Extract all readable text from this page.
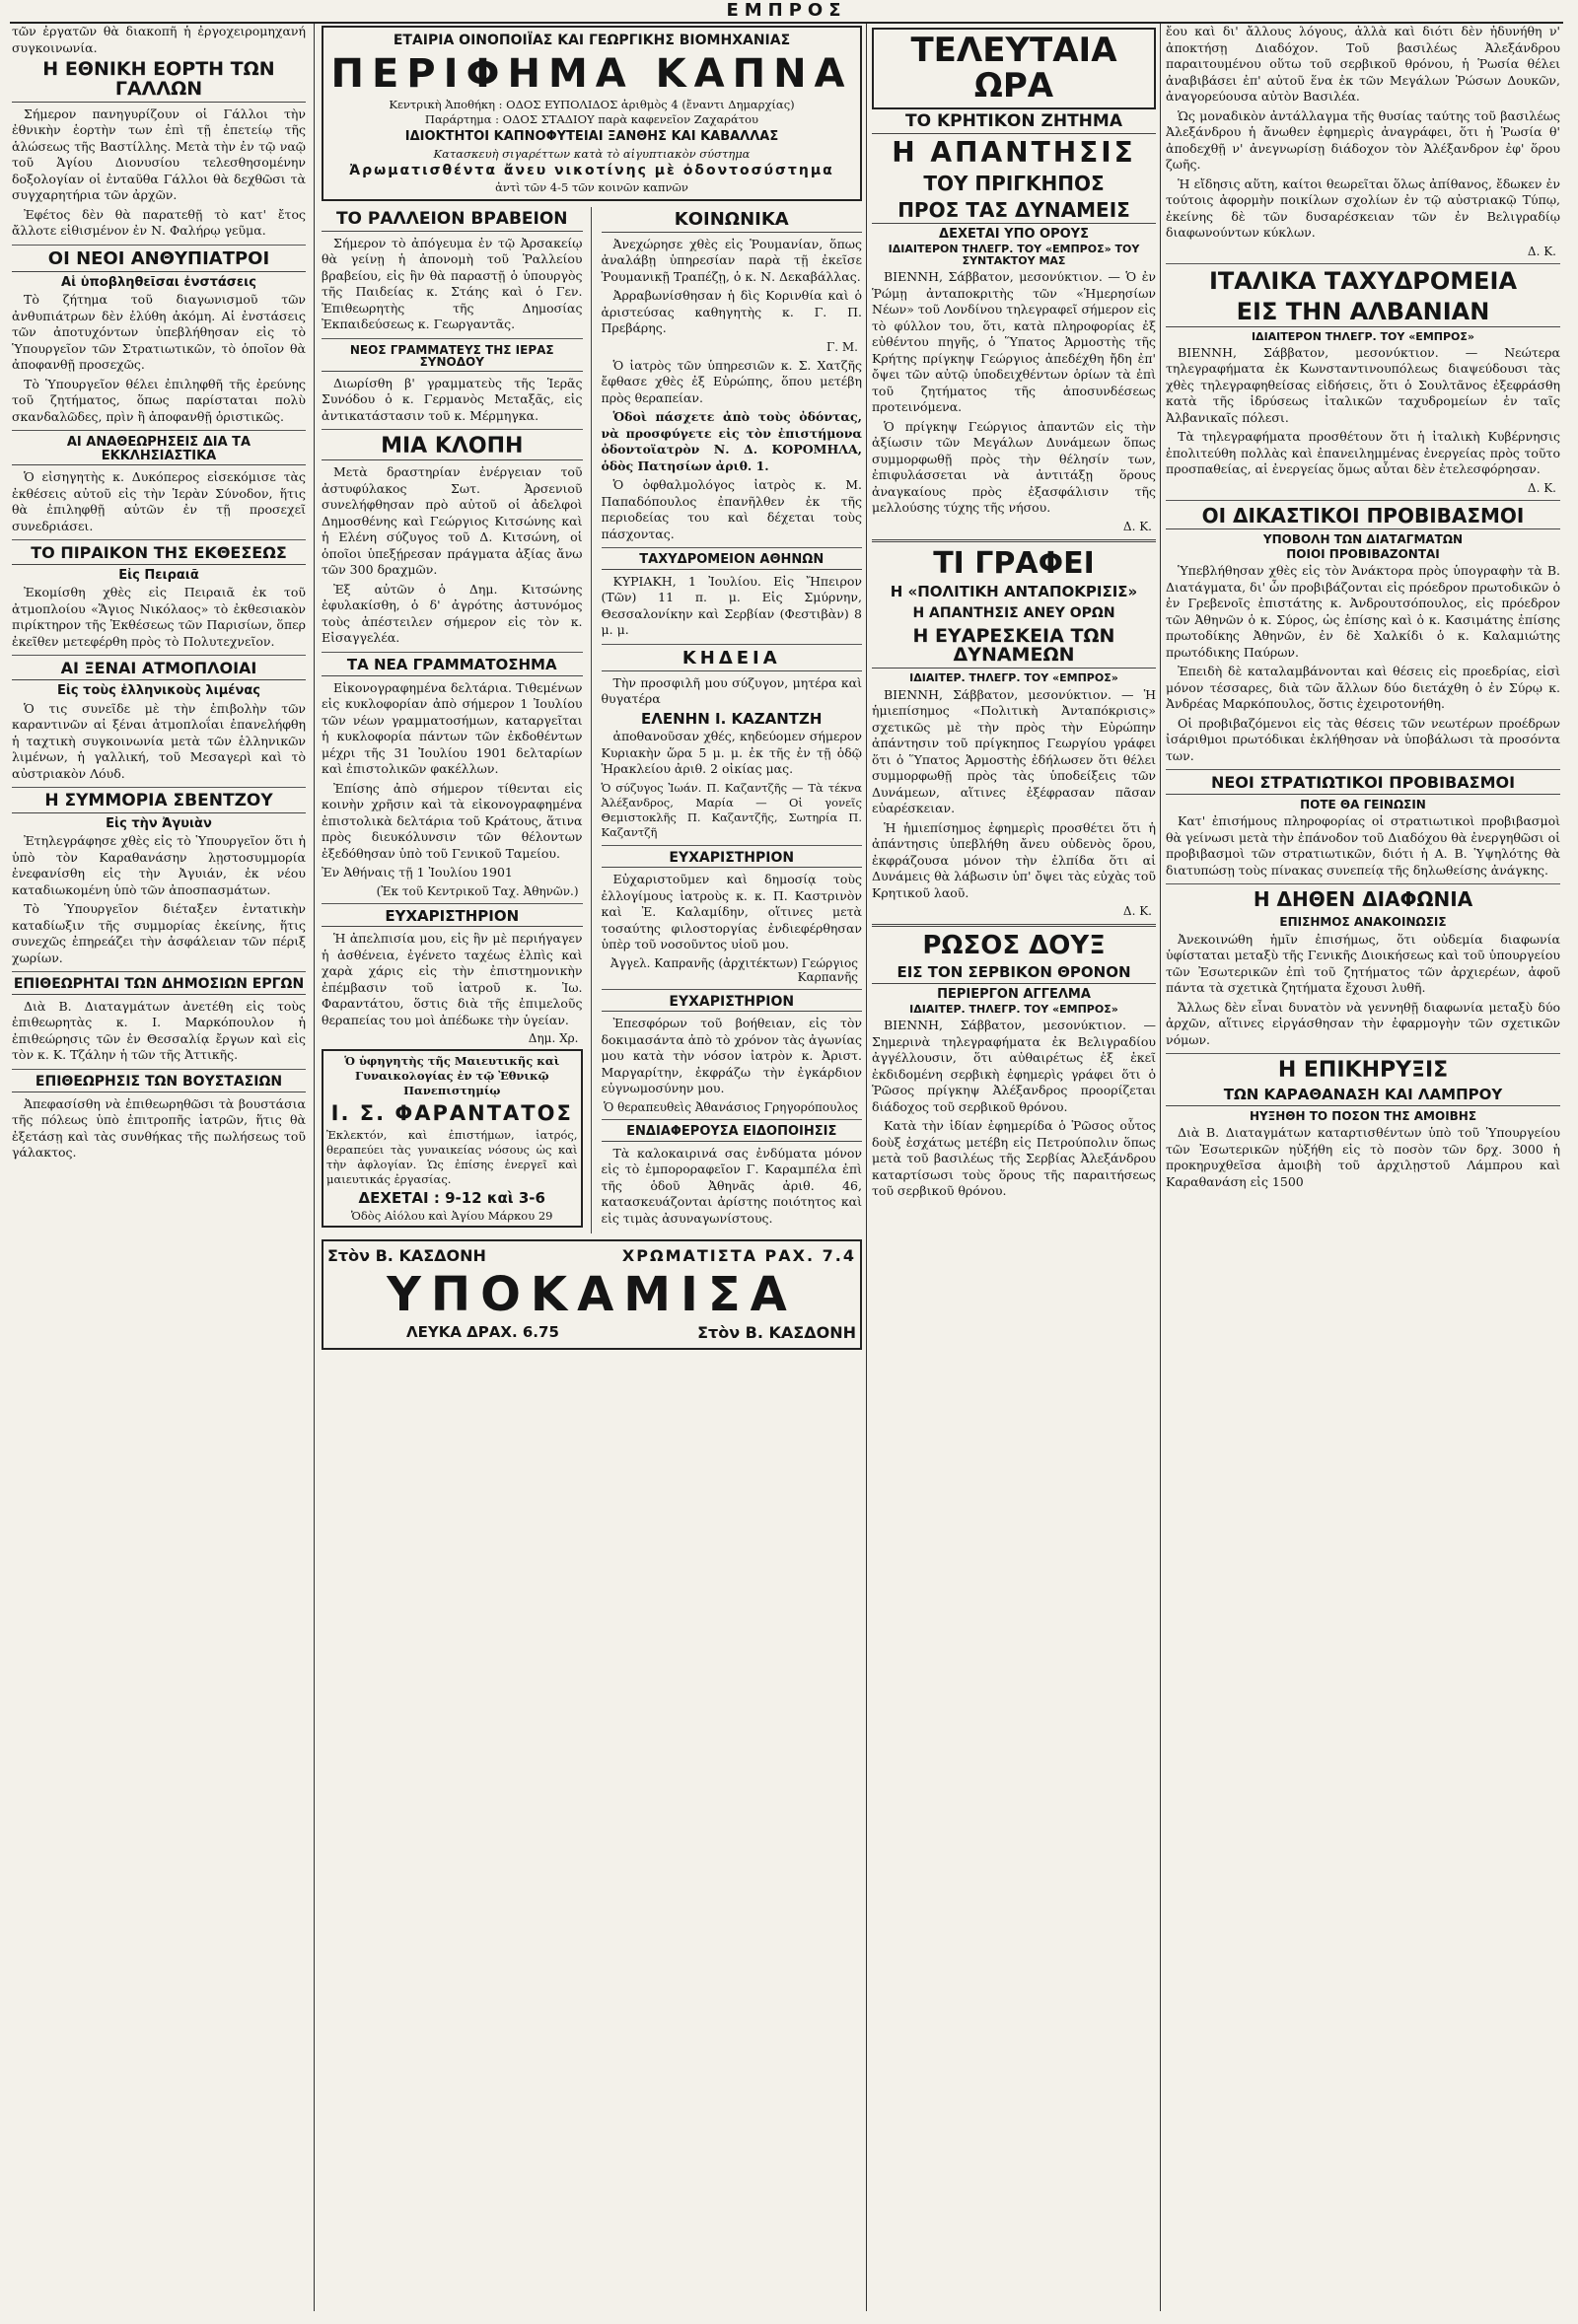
ΕΜΠΡΟΣ

τῶν ἐργατῶν θὰ διακοπῆ ἡ ἐργοχειρομηχανή συγκοινωνία.

Η ΕΘΝΙΚΗ ΕΟΡΤΗ ΤΩΝ ΓΑΛΛΩΝ

Σήμερον πανηγυρίζουν οἱ Γάλλοι τὴν ἐθνικὴν ἑορτὴν των ἐπὶ τῇ ἐπετείῳ τῆς ἁλώσεως τῆς Βαστίλλης. Μετὰ τὴν ἐν τῷ ναῷ τοῦ Ἁγίου Διονυσίου τελεσθησομένην δοξολογίαν οἱ ἐνταῦθα Γάλλοι θὰ δεχθῶσι τὰ συγχαρητήρια τῶν ἀρχῶν.

Ἐφέτος δὲν θὰ παρατεθῇ τὸ κατ' ἔτος ἄλλοτε εἰθισμένον ἐν Ν. Φαλήρῳ γεῦμα.

ΟΙ ΝΕΟΙ ΑΝΘΥΠΙΑΤΡΟΙ
Αἱ ὑποβληθεῖσαι ἐνστάσεις

Τὸ ζήτημα τοῦ διαγωνισμοῦ τῶν ἀνθυπιάτρων δὲν ἐλύθη ἀκόμη. Αἱ ἐνστάσεις τῶν ἀποτυχόντων ὑπεβλήθησαν εἰς τὸ Ὑπουργεῖον τῶν Στρατιωτικῶν, τὸ ὁποῖον θὰ ἀποφανθῇ προσεχῶς.

Τὸ Ὑπουργεῖον θέλει ἐπιληφθῆ τῆς ἐρεύνης τοῦ ζητήματος, ὅπως παρίσταται πολὺ σκανδαλῶδες, πρὶν ἢ ἀποφανθῇ ὁριστικῶς.

ΑΙ ΑΝΑΘΕΩΡΗΣΕΙΣ ΔΙΑ ΤΑ ΕΚΚΛΗΣΙΑΣΤΙΚΑ

Ὁ εἰσηγητὴς κ. Δυκόπερος εἰσεκόμισε τὰς ἐκθέσεις αὐτοῦ εἰς τὴν Ἱερὰν Σύνοδον, ἥτις θὰ ἐπιληφθῇ αὐτῶν ἐν τῇ προσεχεῖ συνεδριάσει.

ΤΟ ΠΙΡΑΙΚΟΝ ΤΗΣ ΕΚΘΕΣΕΩΣ
Εἰς Πειραιᾶ

Ἐκομίσθη χθὲς εἰς Πειραιᾶ ἐκ τοῦ ἀτμοπλοίου «Ἅγιος Νικόλαος» τὸ ἐκθεσιακὸν πιρίκτηρον τῆς Ἐκθέσεως τῶν Παρισίων, ὅπερ ἐκεῖθεν μετεφέρθη πρὸς τὸ Πολυτεχνεῖον.

ΑΙ ΞΕΝΑΙ ΑΤΜΟΠΛΟΙΑΙ
Εἰς τοὺς ἑλληνικοὺς λιμένας

Ὁ τις συνεῖδε μὲ τὴν ἐπιβολὴν τῶν καραντινῶν αἱ ξέναι ἀτμοπλοΐαι ἐπανελήφθη ἡ ταχτικὴ συγκοινωνία μετὰ τῶν ἑλληνικῶν λιμένων, ἡ γαλλική, τοῦ Μεσαγερὶ καὶ τὸ αὐστριακὸν Λόυδ.

Η ΣΥΜΜΟΡΙΑ ΣΒΕΝΤΖΟΥ
Εἰς τὴν Ἀγυιὰν

Ἐτηλεγράφησε χθὲς εἰς τὸ Ὑπουργεῖον ὅτι ἡ ὑπὸ τὸν Καραθανάσην λῃστοσυμμορία ἐνεφανίσθη εἰς τὴν Ἀγυιάν, ἐκ νέου καταδιωκομένη ὑπὸ τῶν ἀποσπασμάτων.

Τὸ Ὑπουργεῖον διέταξεν ἐντατικὴν καταδίωξιν τῆς συμμορίας ἐκείνης, ἥτις συνεχῶς ἐπηρεάζει τὴν ἀσφάλειαν τῶν πέριξ χωρίων.

ΕΠΙΘΕΩΡΗΤΑΙ ΤΩΝ ΔΗΜΟΣΙΩΝ ΕΡΓΩΝ

Διὰ Β. Διαταγμάτων ἀνετέθη εἰς τοὺς ἐπιθεωρητὰς κ. Ι. Μαρκόπουλον ἡ ἐπιθεώρησις τῶν ἐν Θεσσαλίᾳ ἔργων καὶ εἰς τὸν κ. Κ. Τζάλην ἡ τῶν τῆς Ἀττικῆς.

ΕΠΙΘΕΩΡΗΣΙΣ ΤΩΝ ΒΟΥΣΤΑΣΙΩΝ

Ἀπεφασίσθη νὰ ἐπιθεωρηθῶσι τὰ βουστάσια τῆς πόλεως ὑπὸ ἐπιτροπῆς ἰατρῶν, ἥτις θὰ ἐξετάσῃ καὶ τὰς συνθήκας τῆς πωλήσεως τοῦ γάλακτος.

ΕΤΑΙΡΙΑ ΟΙΝΟΠΟΙΪΑΣ ΚΑΙ ΓΕΩΡΓΙΚΗΣ ΒΙΟΜΗΧΑΝΙΑΣ
ΠΕΡΙΦΗΜΑ ΚΑΠΝΑ
Κεντρικὴ Ἀποθήκη : ΟΔΟΣ ΕΥΠΟΛΙΔΟΣ ἀριθμὸς 4 (ἔναντι Δημαρχίας)
Παράρτημα : ΟΔΟΣ ΣΤΑΔΙΟΥ παρὰ καφενεῖον Ζαχαράτου
ΙΔΙΟΚΤΗΤΟΙ ΚΑΠΝΟΦΥΤΕΙΑΙ ΞΑΝΘΗΣ ΚΑΙ ΚΑΒΑΛΛΑΣ
Κατασκευὴ σιγαρέττων κατὰ τὸ αἰγυπτιακὸν σύστημα
Ἀρωματισθέντα ἄνευ νικοτίνης μὲ ὀδοντοσύστημα
ἀντὶ τῶν 4-5 τῶν κοινῶν καπνῶν
ΤΟ ΡΑΛΛΕΙΟΝ ΒΡΑΒΕΙΟΝ

Σήμερον τὸ ἀπόγευμα ἐν τῷ Ἀρσακείῳ θὰ γείνῃ ἡ ἀπονομὴ τοῦ Ῥαλλείου βραβείου, εἰς ἣν θὰ παραστῇ ὁ ὑπουργὸς τῆς Παιδείας κ. Στάης καὶ ὁ Γεν. Ἐπιθεωρητὴς τῆς Δημοσίας Ἐκπαιδεύσεως κ. Γεωργαντᾶς.

ΝΕΟΣ ΓΡΑΜΜΑΤΕΥΣ ΤΗΣ ΙΕΡΑΣ ΣΥΝΟΔΟΥ

Διωρίσθη β' γραμματεὺς τῆς Ἱερᾶς Συνόδου ὁ κ. Γερμανὸς Μεταξᾶς, εἰς ἀντικατάστασιν τοῦ κ. Μέρμηγκα.

ΜΙΑ ΚΛΟΠΗ

Μετὰ δραστηρίαν ἐνέργειαν τοῦ ἀστυφύλακος Σωτ. Ἀρσενιοῦ συνελήφθησαν πρὸ αὐτοῦ οἱ ἀδελφοὶ Δημοσθένης καὶ Γεώργιος Κιτσώνης καὶ ἡ Ελένη σύζυγος τοῦ Δ. Κιτσώνη, οἱ ὁποῖοι ὑπεξῄρεσαν πράγματα ἀξίας ἄνω τῶν 300 δραχμῶν.

Ἐξ αὐτῶν ὁ Δημ. Κιτσώνης ἐφυλακίσθη, ὁ δ' ἀγρότης ἀστυνόμος τοὺς ἀπέστειλεν σήμερον εἰς τὸν κ. Εἰσαγγελέα.

ΤΑ ΝΕΑ ΓΡΑΜΜΑΤΟΣΗΜΑ

Εἰκονογραφημένα δελτάρια. Τιθεμένων εἰς κυκλοφορίαν ἀπὸ σήμερον 1 Ἰουλίου τῶν νέων γραμματοσήμων, καταργεῖται ἡ κυκλοφορία πάντων τῶν ἐκδοθέντων μέχρι τῆς 31 Ἰουλίου 1901 δελταρίων καὶ ἐπιστολικῶν φακέλλων.

Ἐπίσης ἀπὸ σήμερον τίθενται εἰς κοινὴν χρῆσιν καὶ τὰ εἰκονογραφημένα ἐπιστολικὰ δελτάρια τοῦ Κράτους, ἅτινα πρὸς διευκόλυνσιν τῶν θέλοντων ἐξεδόθησαν ὑπὸ τοῦ Γενικοῦ Ταμείου.

Ἐν Ἀθήναις τῇ 1 Ἰουλίου 1901

(Ἐκ τοῦ Κεντρικοῦ Ταχ. Ἀθηνῶν.)

ΕΥΧΑΡΙΣΤΗΡΙΟΝ

Ἡ ἀπελπισία μου, εἰς ἣν μὲ περιήγαγεν ἡ ἀσθένεια, ἐγένετο ταχέως ἐλπὶς καὶ χαρὰ χάρις εἰς τὴν ἐπιστημονικὴν ἐπέμβασιν τοῦ ἰατροῦ κ. Ἰω. Φαραντάτου, ὅστις διὰ τῆς ἐπιμελοῦς θεραπείας του μοὶ ἀπέδωκε τὴν ὑγείαν.

Δημ. Χρ.

Ὁ ὑφηγητὴς τῆς Μαιευτικῆς καὶ Γυναικολογίας ἐν τῷ Ἐθνικῷ Πανεπιστημίῳ
Ι. Σ. ΦΑΡΑΝΤΑΤΟΣ
Ἐκλεκτόν, καὶ ἐπιστήμων, ἰατρός, θεραπεύει τὰς γυναικείας νόσους ὡς καὶ τὴν ἀφλογίαν. Ὡς ἐπίσης ἐνεργεῖ καὶ μαιευτικάς ἐργασίας.
ΔΕΧΕΤΑΙ : 9-12 καὶ 3-6
Ὁδὸς Αἰόλου καὶ Ἀγίου Μάρκου 29
ΚΟΙΝΩΝΙΚΑ

Ἀνεχώρησε χθὲς εἰς Ῥουμανίαν, ὅπως ἀναλάβῃ ὑπηρεσίαν παρὰ τῇ ἐκεῖσε Ῥουμανικῇ Τραπέζῃ, ὁ κ. Ν. Δεκαβάλλας.

Ἀρραβωνίσθησαν ἡ δὶς Κορινθία καὶ ὁ ἀριστεύσας καθηγητὴς κ. Γ. Π. Πρεβάρης.

Γ. Μ.

Ὁ ἰατρὸς τῶν ὑπηρεσιῶν κ. Σ. Χατζῆς ἔφθασε χθὲς ἐξ Εὐρώπης, ὅπου μετέβη πρὸς θεραπείαν.

Ὁδοὶ πάσχετε ἀπὸ τοὺς ὀδόντας, νὰ προσφύγετε εἰς τὸν ἐπιστήμονα ὀδοντοϊατρὸν Ν. Δ. ΚΟΡΟΜΗΛΑ, ὁδὸς Πατησίων ἀριθ. 1.

Ὁ ὀφθαλμολόγος ἰατρὸς κ. Μ. Παπαδόπουλος ἐπανῆλθεν ἐκ τῆς περιοδείας του καὶ δέχεται τοὺς πάσχοντας.

ΤΑΧΥΔΡΟΜΕΙΟΝ ΑΘΗΝΩΝ

ΚΥΡΙΑΚΗ, 1 Ἰουλίου. Εἰς Ἤπειρον (Τῶν) 11 π. μ. Εἰς Σμύρνην, Θεσσαλονίκην καὶ Σερβίαν (Φεστιβὰν) 8 μ. μ.

ΚΗΔΕΙΑ

Τὴν προσφιλῆ μου σύζυγον, μητέρα καὶ θυγατέρα

ΕΛΕΝΗΝ Ι. ΚΑΖΑΝΤΖΗ

ἀποθανοῦσαν χθές, κηδεύομεν σήμερον Κυριακὴν ὥρα 5 μ. μ. ἐκ τῆς ἐν τῇ ὁδῷ Ἡρακλείου ἀριθ. 2 οἰκίας μας.

Ὁ σύζυγος Ἰωάν. Π. Καζαντζῆς — Τὰ τέκνα Ἀλέξανδρος, Μαρία — Οἱ γονεῖς Θεμιστοκλῆς Π. Καζαντζῆς, Σωτηρία Π. Καζαντζῆ

ΕΥΧΑΡΙΣΤΗΡΙΟΝ

Εὐχαριστοῦμεν καὶ δημοσίᾳ τοὺς ἐλλογίμους ἰατροὺς κ. κ. Π. Καστρινὸν καὶ Ἐ. Καλαμίδην, οἵτινες μετὰ τοσαύτης φιλοστοργίας ἐνδιεφέρθησαν ὑπὲρ τοῦ νοσοῦντος υἱοῦ μου.

Ἀγγελ. Καπρανῆς (ἀρχιτέκτων) Γεώργιος Καρπανῆς

ΕΥΧΑΡΙΣΤΗΡΙΟΝ

Ἐπεσφόρων τοῦ βοήθειαν, εἰς τὸν δοκιμασάντα ἀπὸ τὸ χρόνον τὰς ἀγωνίας μου κατὰ τὴν νόσον ἰατρὸν κ. Ἀριστ. Μαργαρίτην, ἐκφράζω τὴν ἐγκάρδιον εὐγνωμοσύνην μου.

Ὁ θεραπευθεὶς Ἀθανάσιος Γρηγορόπουλος

ΕΝΔΙΑΦΕΡΟΥΣΑ ΕΙΔΟΠΟΙΗΣΙΣ

Τὰ καλοκαιρινά σας ἐνδύματα μόνον εἰς τὸ ἐμποροραφεῖον Γ. Καραμπέλα ἐπὶ τῆς ὁδοῦ Ἀθηνᾶς ἀριθ. 46, κατασκευάζονται ἀρίστης ποιότητος καὶ εἰς τιμὰς ἀσυναγωνίστους.

Στὸν Β. ΚΑΣΔΟΝΗ	ΧΡΩΜΑΤΙΣΤΑ ΡΑΧ. 7.4
ΥΠΟΚΑΜΙΣΑ
ΛΕΥΚΑ ΔΡΑΧ. 6.75	Στὸν Β. ΚΑΣΔΟΝΗ
ΤΕΛΕΥΤΑΙΑ ΩΡΑ
ΤΟ ΚΡΗΤΙΚΟΝ ΖΗΤΗΜΑ
Η ΑΠΑΝΤΗΣΙΣ
ΤΟΥ ΠΡΙΓΚΗΠΟΣ
ΠΡΟΣ ΤΑΣ ΔΥΝΑΜΕΙΣ
ΔΕΧΕΤΑΙ ΥΠΟ ΟΡΟΥΣ
ΙΔΙΑΙΤΕΡΟΝ ΤΗΛΕΓΡ. ΤΟΥ «ΕΜΠΡΟΣ» ΤΟΥ ΣΥΝΤΑΚΤΟΥ ΜΑΣ

ΒΙΕΝΝΗ, Σάββατον, μεσονύκτιον. — Ὁ ἐν Ῥώμῃ ἀνταποκριτὴς τῶν «Ἡμερησίων Νέων» τοῦ Λονδίνου τηλεγραφεῖ σήμερον εἰς τὸ φύλλον του, ὅτι, κατὰ πληροφορίας ἐξ εὐθέντου πηγῆς, ὁ Ὕπατος Ἁρμοστὴς τῆς Κρήτης πρίγκηψ Γεώργιος ἀπεδέχθη ἤδη ἐπ' ὄψει τῶν αὐτῷ ὑποδειχθέντων ὁρίων τὰ ἐπὶ τοῦ ζητήματος τῆς ἀποσυνδέσεως προτεινόμενα.

Ὁ πρίγκηψ Γεώργιος ἀπαντῶν εἰς τὴν ἀξίωσιν τῶν Μεγάλων Δυνάμεων ὅπως συμμορφωθῇ πρὸς τὴν θέλησίν των, ἐπιφυλάσσεται νὰ ἀντιτάξῃ ὅρους ἀναγκαίους πρὸς ἐξασφάλισιν τῆς μελλούσης τύχης τῆς νήσου.

Δ. Κ.

ΤΙ ΓΡΑΦΕΙ
Η «ΠΟΛΙΤΙΚΗ ΑΝΤΑΠΟΚΡΙΣΙΣ»
Η ΑΠΑΝΤΗΣΙΣ ΑΝΕΥ ΟΡΩΝ
Η ΕΥΑΡΕΣΚΕΙΑ ΤΩΝ ΔΥΝΑΜΕΩΝ
ΙΔΙΑΙΤΕΡ. ΤΗΛΕΓΡ. ΤΟΥ «ΕΜΠΡΟΣ»

ΒΙΕΝΝΗ, Σάββατον, μεσονύκτιον. — Ἡ ἡμιεπίσημος «Πολιτικὴ Ἀνταπόκρισις» σχετικῶς μὲ τὴν πρὸς τὴν Εὐρώπην ἀπάντησιν τοῦ πρίγκηπος Γεωργίου γράφει ὅτι ὁ Ὕπατος Ἁρμοστὴς ἐδήλωσεν ὅτι θέλει συμμορφωθῇ πρὸς τὰς ὑποδείξεις τῶν Δυνάμεων, αἵτινες ἐξέφρασαν πᾶσαν εὐαρέσκειαν.

Ἡ ἡμιεπίσημος ἐφημερὶς προσθέτει ὅτι ἡ ἀπάντησις ὑπεβλήθη ἄνευ οὐδενὸς ὅρου, ἐκφράζουσα μόνον τὴν ἐλπίδα ὅτι αἱ Δυνάμεις θὰ λάβωσιν ὑπ' ὄψει τὰς εὐχὰς τοῦ Κρητικοῦ λαοῦ.

Δ. Κ.

ΡΩΣΟΣ ΔΟΥΞ
ΕΙΣ ΤΟΝ ΣΕΡΒΙΚΟΝ ΘΡΟΝΟΝ
ΠΕΡΙΕΡΓΟΝ ΑΓΓΕΛΜΑ
ΙΔΙΑΙΤΕΡ. ΤΗΛΕΓΡ. ΤΟΥ «ΕΜΠΡΟΣ»

ΒΙΕΝΝΗ, Σάββατον, μεσονύκτιον. — Σημερινὰ τηλεγραφήματα ἐκ Βελιγραδίου ἀγγέλλουσιν, ὅτι αὐθαιρέτως ἐξ ἐκεῖ ἐκδιδομένη σερβικὴ ἐφημερὶς γράφει ὅτι ὁ Ῥῶσος πρίγκηψ Ἀλέξανδρος προορίζεται διάδοχος τοῦ σερβικοῦ θρόνου.

Κατὰ τὴν ἰδίαν ἐφημερίδα ὁ Ῥῶσος οὗτος δοὺξ ἐσχάτως μετέβη εἰς Πετρούπολιν ὅπως μετὰ τοῦ βασιλέως τῆς Σερβίας Ἀλεξάνδρου καταρτίσωσι τοὺς ὅρους τῆς παραιτήσεως τοῦ σερβικοῦ θρόνου.

ἔου καὶ δι' ἄλλους λόγους, ἀλλὰ καὶ διότι δὲν ἠδυνήθη ν' ἀποκτήσῃ Διαδόχον. Τοῦ βασιλέως Ἀλεξάνδρου παραιτουμένου οὕτω τοῦ σερβικοῦ θρόνου, ἡ Ῥωσία θέλει ἀναβιβάσει ἐπ' αὐτοῦ ἕνα ἐκ τῶν Μεγάλων Ῥώσων Δουκῶν, ἀναγορεύουσα αὐτὸν Βασιλέα.

Ὡς μοναδικὸν ἀντάλλαγμα τῆς θυσίας ταύτης τοῦ βασιλέως Ἀλεξάνδρου ἡ ἄνωθεν ἐφημερὶς ἀναγράφει, ὅτι ἡ Ῥωσία θ' ἀποδεχθῇ ν' ἀνεγνωρίσῃ διάδοχον τὸν Ἀλέξανδρον ἐφ' ὅρου ζωῆς.

Ἡ εἴδησις αὕτη, καίτοι θεωρεῖται ὅλως ἀπίθανος, ἔδωκεν ἐν τούτοις ἀφορμὴν ποικίλων σχολίων ἐν τῷ αὐστριακῷ Τύπῳ, ἐκείνης δὲ τῶν δυσαρέσκειαν τῶν ἐν Βελιγραδίῳ διαφωνούντων κύκλων.

Δ. Κ.

ΙΤΑΛΙΚΑ ΤΑΧΥΔΡΟΜΕΙΑ
ΕΙΣ ΤΗΝ ΑΛΒΑΝΙΑΝ
ΙΔΙΑΙΤΕΡΟΝ ΤΗΛΕΓΡ. ΤΟΥ «ΕΜΠΡΟΣ»

ΒΙΕΝΝΗ, Σάββατον, μεσονύκτιον. — Νεώτερα τηλεγραφήματα ἐκ Κωνσταντινουπόλεως διαψεύδουσι τὰς χθὲς τηλεγραφηθείσας εἰδήσεις, ὅτι ὁ Σουλτᾶνος ἐξεφράσθη κατὰ τῆς ἱδρύσεως ἰταλικῶν ταχυδρομείων ἐν ταῖς Ἀλβανικαῖς πόλεσι.

Τὰ τηλεγραφήματα προσθέτουν ὅτι ἡ ἰταλικὴ Κυβέρνησις ἐπολιτεύθη πολλὰς καὶ ἐπανειλημμένας ἐνεργείας πρὸς τοῦτο προσπαθείας, αἱ ἐνεργείας ὅμως αὗται δὲν ἐτελεσφόρησαν.

Δ. Κ.

ΟΙ ΔΙΚΑΣΤΙΚΟΙ ΠΡΟΒΙΒΑΣΜΟΙ
ΥΠΟΒΟΛΗ ΤΩΝ ΔΙΑΤΑΓΜΑΤΩΝ
ΠΟΙΟΙ ΠΡΟΒΙΒΑΖΟΝΤΑΙ

Ὑπεβλήθησαν χθὲς εἰς τὸν Ἀνάκτορα πρὸς ὑπογραφὴν τὰ Β. Διατάγματα, δι' ὧν προβιβάζονται εἰς πρόεδρον πρωτοδικῶν ὁ ἐν Γρεβενοῖς ἐπιστάτης κ. Ἀνδρουτσόπουλος, εἰς πρόεδρον τῶν Ἀθηνῶν ὁ κ. Σύρος, ὡς ἐπίσης καὶ ὁ κ. Κασιμάτης ἐπίσης πρωτοδίκης Ἀθηνῶν, ἐν δὲ Χαλκίδι ὁ κ. Καλαμιώτης πρωτόδικης Παύρων.

Ἐπειδὴ δὲ καταλαμβάνονται καὶ θέσεις εἰς προεδρίας, εἰσὶ μόνον τέσσαρες, διὰ τῶν ἄλλων δύο διετάχθη ὁ ἐν Σύρῳ κ. Ἀνδρέας Μαρκόπουλος, ὅστις ἐχειροτονήθη.

Οἱ προβιβαζόμενοι εἰς τὰς θέσεις τῶν νεωτέρων προέδρων ἰσάριθμοι πρωτόδικαι ἐκλήθησαν νὰ ὑποβάλωσι τὰ προσόντα των.

ΝΕΟΙ ΣΤΡΑΤΙΩΤΙΚΟΙ ΠΡΟΒΙΒΑΣΜΟΙ
ΠΟΤΕ ΘΑ ΓΕΙΝΩΣΙΝ

Κατ' ἐπισήμους πληροφορίας οἱ στρατιωτικοὶ προβιβασμοὶ θὰ γείνωσι μετὰ τὴν ἐπάνοδον τοῦ Διαδόχου θὰ ἐνεργηθῶσι οἱ προβιβασμοὶ τῶν στρατιωτικῶν, διότι ἡ Α. Β. Ὑψηλότης θὰ διατυπώσῃ τοὺς πίνακας συνεπείᾳ τῆς δηλωθείσης ἀνάγκης.

Η ΔΗΘΕΝ ΔΙΑΦΩΝΙΑ
ΕΠΙΣΗΜΟΣ ΑΝΑΚΟΙΝΩΣΙΣ

Ἀνεκοινώθη ἡμῖν ἐπισήμως, ὅτι οὐδεμία διαφωνία ὑφίσταται μεταξὺ τῆς Γενικῆς Διοικήσεως καὶ τοῦ ὑπουργείου τῶν Ἐσωτερικῶν ἐπὶ τοῦ ζητήματος τῶν ἀρχιερέων, ἀφοῦ πάντα τὰ σχετικὰ ζητήματα ἔχουσι λυθῆ.

Ἄλλως δὲν εἶναι δυνατὸν νὰ γεννηθῇ διαφωνία μεταξὺ δύο ἀρχῶν, αἵτινες εἰργάσθησαν τὴν ἐφαρμογὴν τῶν σχετικῶν νόμων.

Η ΕΠΙΚΗΡΥΞΙΣ
ΤΩΝ ΚΑΡΑΘΑΝΑΣΗ ΚΑΙ ΛΑΜΠΡΟΥ
ΗΥΞΗΘΗ ΤΟ ΠΟΣΟΝ ΤΗΣ ΑΜΟΙΒΗΣ

Διὰ Β. Διαταγμάτων καταρτισθέντων ὑπὸ τοῦ Ὑπουργείου τῶν Ἐσωτερικῶν ηὐξήθη εἰς τὸ ποσὸν τῶν δρχ. 3000 ἡ προκηρυχθεῖσα ἀμοιβὴ τοῦ ἀρχιλῃστοῦ Λάμπρου καὶ Καραθανάση εἰς 1500
